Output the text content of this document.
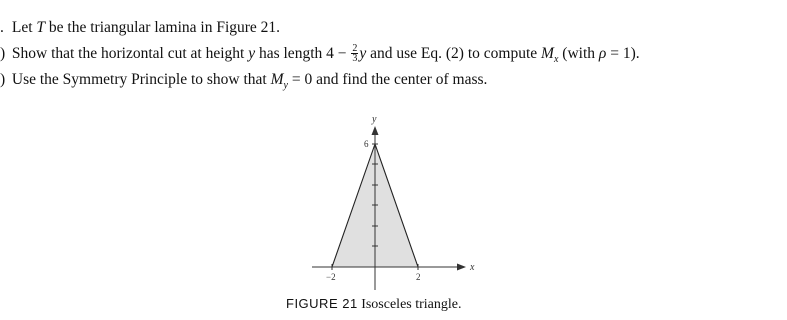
. Let T be the triangular lamina in Figure 21.
) Show that the horizontal cut at height y has length $4 - \frac{2}{3}$ y and use Eq. (2) to compute $M_x$ (with ρ = 1).
) Use the Symmetry Principle to show that $M_y = 0$ and find the center of mass.
x
y
−2	2
6
FIGURE 21 Isosceles triangle.
